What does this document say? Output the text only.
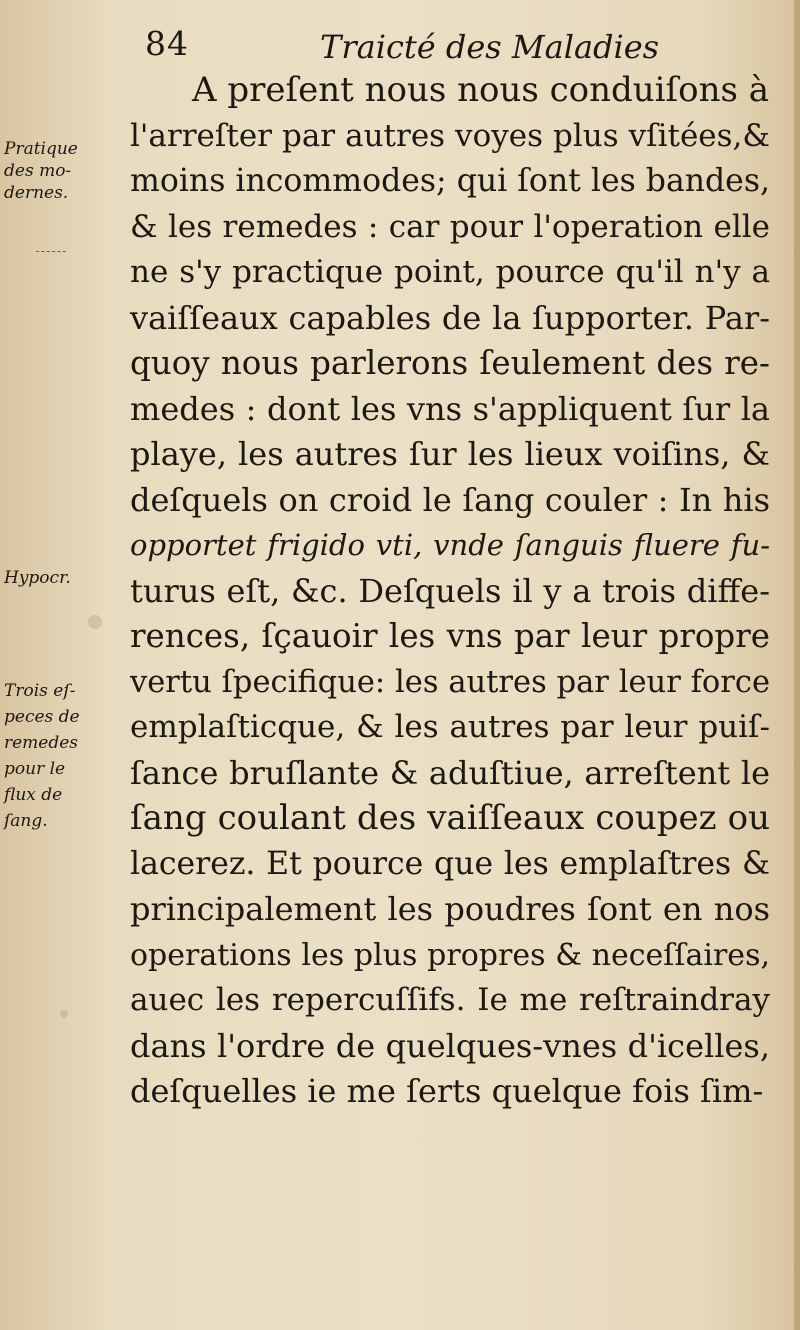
84	Traicté des Maladies
Pratique
des mo-
dernes.
Hypocr.
Trois eſ-
peces de
remedes
pour le
flux de
ſang.
A preſent nous nous conduiſons à
l'arreſter par autres voyes plus vſitées,&
moins incommodes; qui ſont les bandes,
& les remedes : car pour l'operation elle
ne s'y practique point, pource qu'il n'y a
vaiſſeaux capables de la ſupporter. Par-
quoy nous parlerons ſeulement des re-
medes : dont les vns s'appliquent ſur la
playe, les autres ſur les lieux voiſins, &
deſquels on croid le ſang couler : In his
opportet frigido vti, vnde ſanguis fluere fu-
turus eſt, &c. Deſquels il y a trois diffe-
rences, ſçauoir les vns par leur propre
vertu ſpecifique: les autres par leur force
emplaſticque, & les autres par leur puiſ-
ſance bruſlante & aduſtiue, arreſtent le
ſang coulant des vaiſſeaux coupez ou
lacerez. Et pource que les emplaſtres &
principalement les poudres ſont en nos
operations les plus propres & neceſſaires,
auec les repercuſſifs. Ie me reſtraindray
dans l'ordre de quelques-vnes d'icelles,
deſquelles ie me ſerts quelque fois ſim-
